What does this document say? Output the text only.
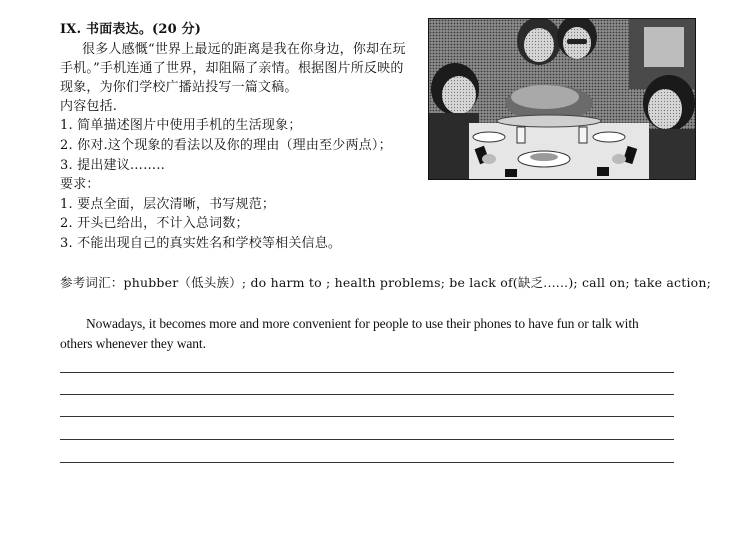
IX. 书面表达。(20 分)
很多人感慨“世界上最远的距离是我在你身边，你却在玩
手机。”手机连通了世界，却阻隔了亲情。根据图片所反映的
现象，为你们学校广播站投写一篇文稿。
内容包括.
1. 简单描述图片中使用手机的生活现象；
2. 你对.这个现象的看法以及你的理由（理由至少两点）；
3. 提出建议……..
要求：
1. 要点全面，层次清晰，书写规范；
2. 开头已给出，不计入总词数；
3. 不能出现自己的真实姓名和学校等相关信息。
参考词汇：phubber（低头族）; do harm to ; health problems; be lack of(缺乏......); call on; take action;
Nowadays, it becomes more and more convenient for people to use their phones to have fun or talk with
others whenever they want.
